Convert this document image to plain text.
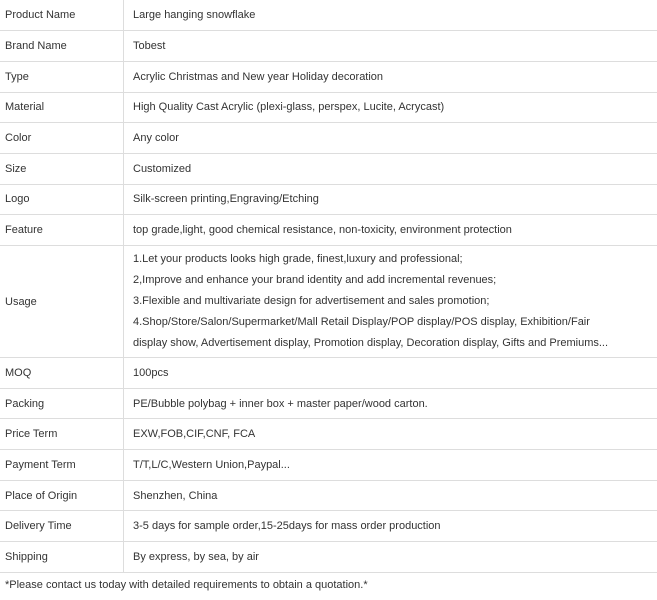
Product Name	Large hanging snowflake
Brand Name	Tobest
Type	Acrylic Christmas and New year Holiday decoration
Material	High Quality Cast Acrylic (plexi-glass, perspex, Lucite, Acrycast)
Color	Any color
Size	Customized
Logo	Silk-screen printing,Engraving/Etching
Feature	top grade,light, good chemical resistance, non-toxicity, environment protection
Usage	1.Let your products looks high grade, finest,luxury and professional;
2,Improve and enhance your brand identity and add incremental revenues;
3.Flexible and multivariate design for advertisement and sales promotion;
4.Shop/Store/Salon/Supermarket/Mall Retail Display/POP display/POS display, Exhibition/Fair
display show, Advertisement display, Promotion display, Decoration display, Gifts and Premiums...

MOQ	100pcs
Packing	PE/Bubble polybag + inner box + master paper/wood carton.
Price Term	EXW,FOB,CIF,CNF, FCA
Payment Term	T/T,L/C,Western Union,Paypal...
Place of Origin	Shenzhen, China
Delivery Time	3-5 days for sample order,15-25days for mass order production
Shipping	By express, by sea, by air
*Please contact us today with detailed requirements to obtain a quotation.*
